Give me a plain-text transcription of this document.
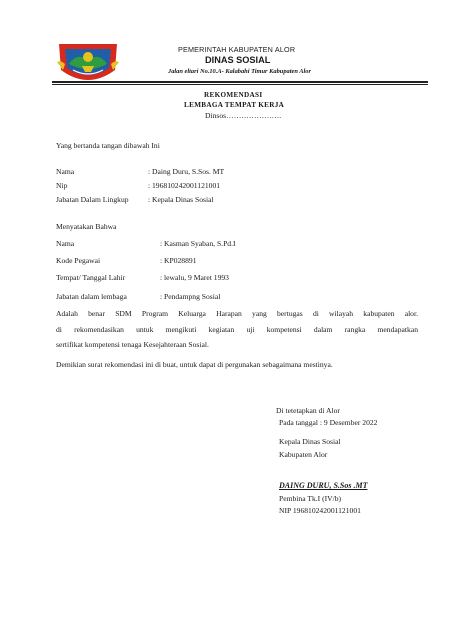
PEMERINTAH KABUPATEN ALOR
DINAS SOSIAL
Jalan eltari No.10.A- Kalabahi Timur Kabupaten Alor
REKOMENDASI
LEMBAGA TEMPAT KERJA
Dinsos………………….
Yang bertanda tangan dibawah Ini
Nama	: Daing Duru, S.Sos. MT
Nip	: 196810242001121001
Jabatan Dalam Lingkup	: Kepala Dinas Sosial
Menyatakan Bahwa
Nama	: Kasman Syaban, S.Pd.I
Kode Pegawai	: KP028891
Tempat/ Tanggal Lahir	: lewalu, 9 Maret 1993
Jabatan dalam lembaga	: Pendampng Sosial
Adalah benar SDM Program Keluarga Harapan yang bertugas di wilayah kabupaten alor.
di rekomendasikan untuk mengikuti kegiatan uji kompetensi dalam rangka mendapatkan
sertifikat kompetensi tenaga Kesejahteraan Sosial.
Demikian surat rekomendasi ini di buat, untuk dapat di pergunakan sebagaimana mestinya.
Di tetetapkan di Alor
Pada tanggal : 9 Desember 2022
Kepala Dinas Sosial
Kabupaten Alor
DAING DURU, S.Sos .MT
Pembina Tk.I (IV/b)
NIP 196810242001121001
